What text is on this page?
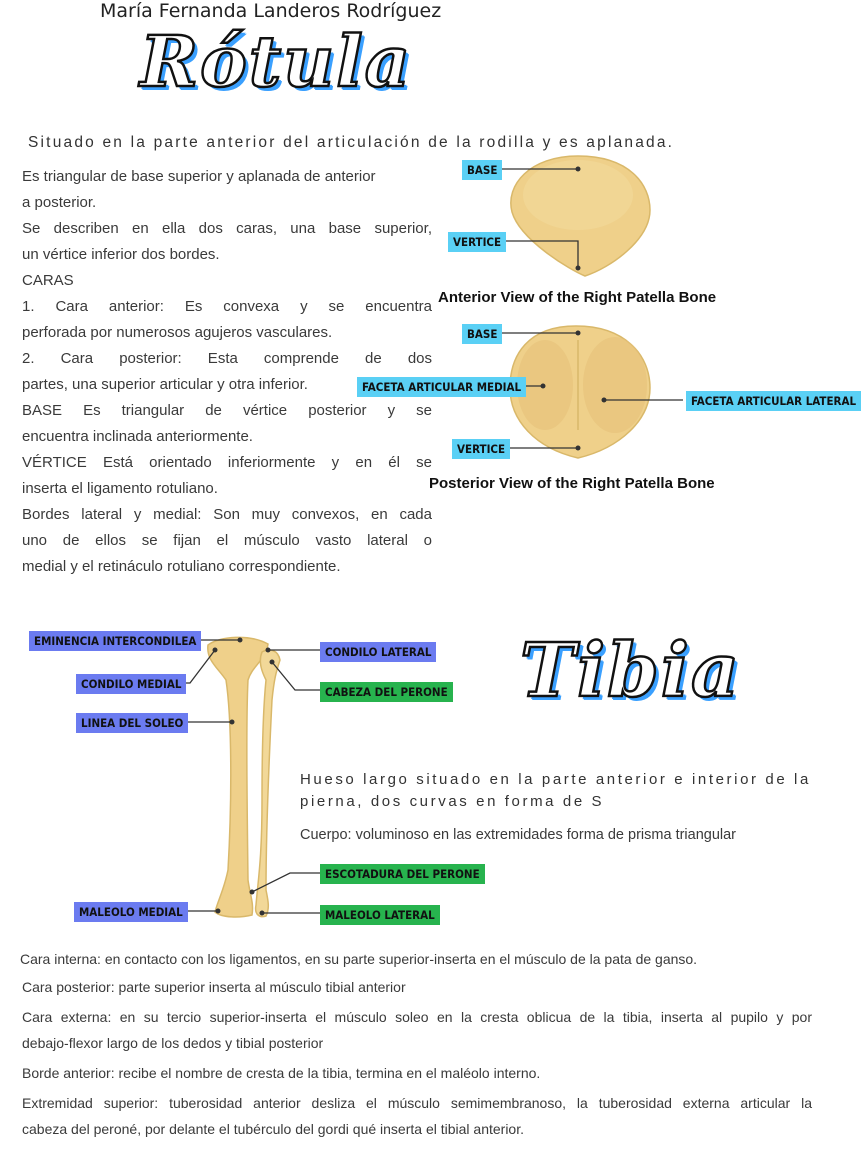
María Fernanda Landeros Rodríguez
Rótula
Situado en la parte anterior del articulación de la rodilla y es aplanada.
Es triangular de base superior y aplanada de anterior
a posterior.
Se describen en ella dos caras, una base superior,
un vértice inferior dos bordes.
CARAS
1. Cara anterior: Es convexa y se encuentra
perforada por numerosos agujeros vasculares.
2. Cara posterior: Esta comprende de dos
partes, una superior articular y otra inferior.
BASE Es triangular de vértice posterior y se
encuentra inclinada anteriormente.
VÉRTICE Está orientado inferiormente y en él se
inserta el ligamento rotuliano.
Bordes lateral y medial: Son muy convexos, en cada
uno de ellos se fijan el músculo vasto lateral o
medial y el retináculo rotuliano correspondiente.
BASE
VERTICE
Anterior View of the Right Patella Bone
BASE
FACETA ARTICULAR MEDIAL
FACETA ARTICULAR LATERAL
VERTICE
Posterior View of the Right Patella Bone
EMINENCIA INTERCONDILEA
CONDILO MEDIAL
LINEA DEL SOLEO
MALEOLO MEDIAL
CONDILO LATERAL
CABEZA DEL PERONE
ESCOTADURA DEL PERONE
MALEOLO LATERAL
Tibia
Hueso largo situado en la parte anterior e interior de la
pierna, dos curvas en forma de S
Cuerpo: voluminoso en las extremidades forma de prisma triangular

Cara interna: en contacto con los ligamentos, en su parte superior-inserta en el músculo de la pata de ganso.

Cara posterior: parte superior inserta al músculo tibial anterior

Cara externa: en su tercio superior-inserta el músculo soleo en la cresta oblicua de la tibia, inserta al pupilo y por

debajo-flexor largo de los dedos y tibial posterior

Borde anterior: recibe el nombre de cresta de la tibia, termina en el maléolo interno.

Extremidad superior: tuberosidad anterior desliza el músculo semimembranoso, la tuberosidad externa articular la

cabeza del peroné, por delante el tubérculo del gordi qué inserta el tibial anterior.
